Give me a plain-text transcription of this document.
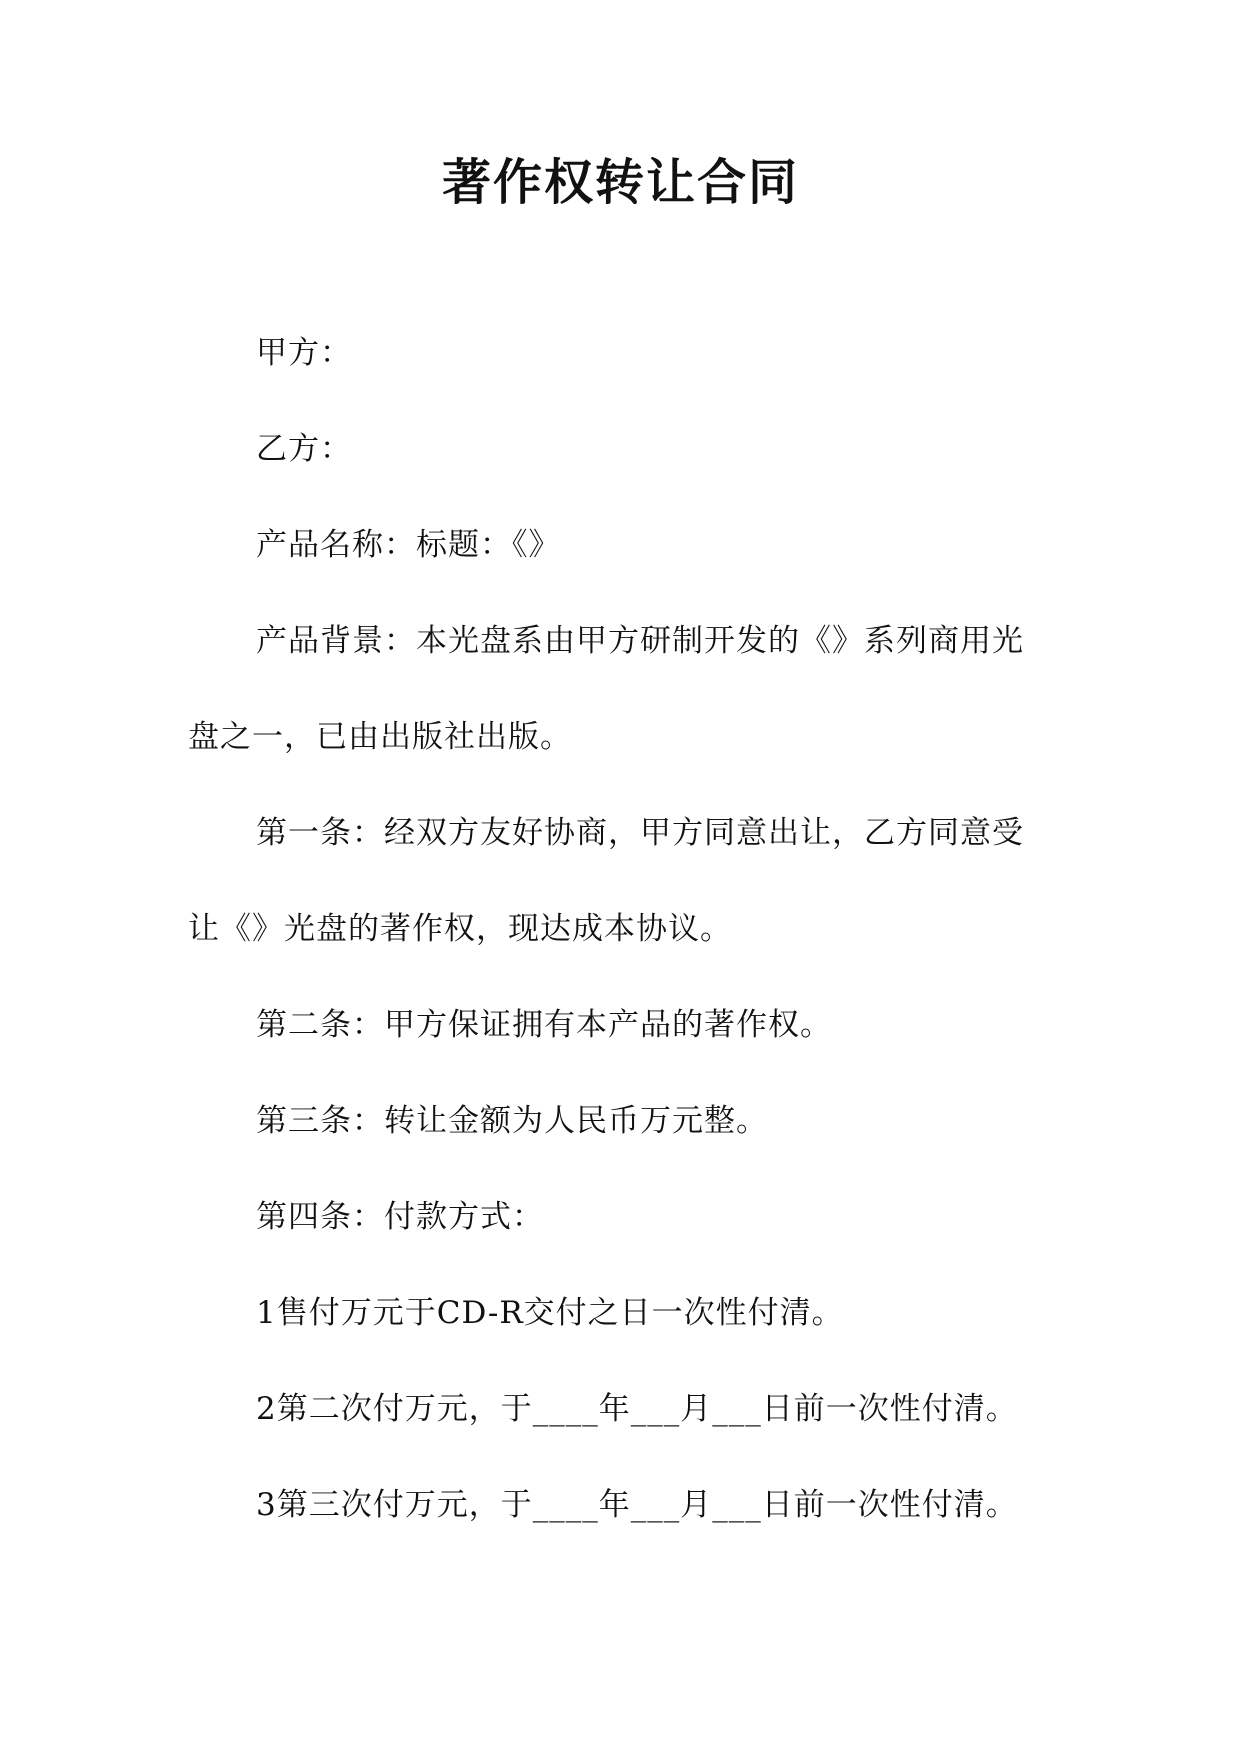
著作权转让合同

甲方：

乙方：

产品名称：标题：《》

产品背景：本光盘系由甲方研制开发的《》系列商用光盘之一，已由出版社出版。

第一条：经双方友好协商，甲方同意出让，乙方同意受让《》光盘的著作权，现达成本协议。

第二条：甲方保证拥有本产品的著作权。

第三条：转让金额为人民币万元整。

第四条：付款方式：

1售付万元于CD-R交付之日一次性付清。

2第二次付万元，于____年___月___日前一次性付清。

3第三次付万元，于____年___月___日前一次性付清。
